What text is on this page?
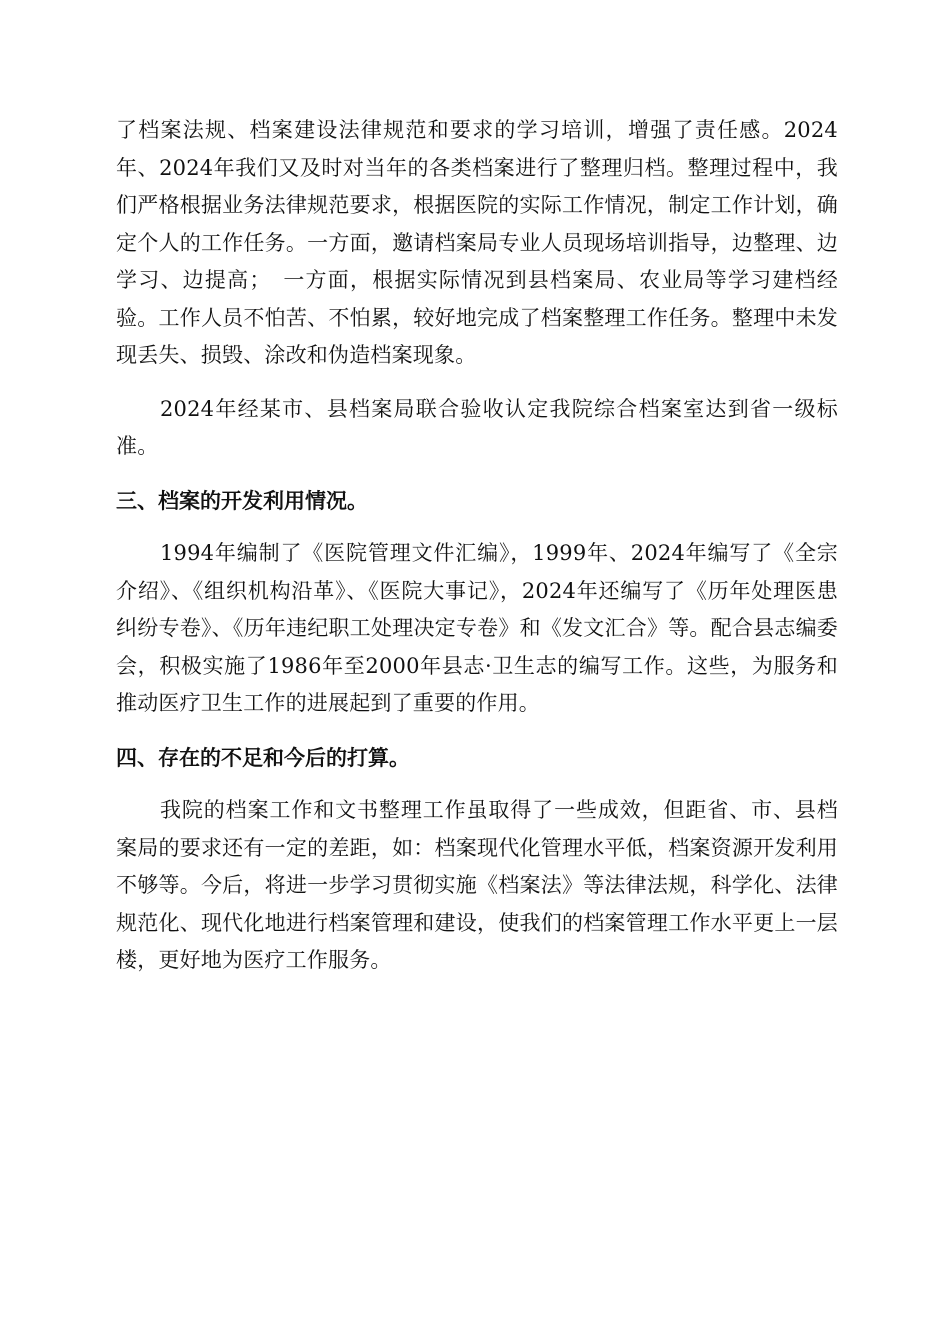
了档案法规、档案建设法律规范和要求的学习培训，增强了责任感。2024年、2024年我们又及时对当年的各类档案进行了整理归档。整理过程中，我们严格根据业务法律规范要求，根据医院的实际工作情况，制定工作计划，确定个人的工作任务。一方面，邀请档案局专业人员现场培训指导，边整理、边学习、边提高；　一方面，根据实际情况到县档案局、农业局等学习建档经验。工作人员不怕苦、不怕累，较好地完成了档案整理工作任务。整理中未发现丢失、损毁、涂改和伪造档案现象。

2024年经某市、县档案局联合验收认定我院综合档案室达到省一级标准。

三、档案的开发利用情况。

1994年编制了《医院管理文件汇编》，1999年、2024年编写了《全宗介绍》、《组织机构沿革》、《医院大事记》，2024年还编写了《历年处理医患纠纷专卷》、《历年违纪职工处理决定专卷》和《发文汇合》等。配合县志编委会，积极实施了1986年至2000年县志·卫生志的编写工作。这些，为服务和推动医疗卫生工作的进展起到了重要的作用。

四、存在的不足和今后的打算。

我院的档案工作和文书整理工作虽取得了一些成效，但距省、市、县档案局的要求还有一定的差距，如：档案现代化管理水平低，档案资源开发利用不够等。今后，将进一步学习贯彻实施《档案法》等法律法规，科学化、法律规范化、现代化地进行档案管理和建设，使我们的档案管理工作水平更上一层楼，更好地为医疗工作服务。
